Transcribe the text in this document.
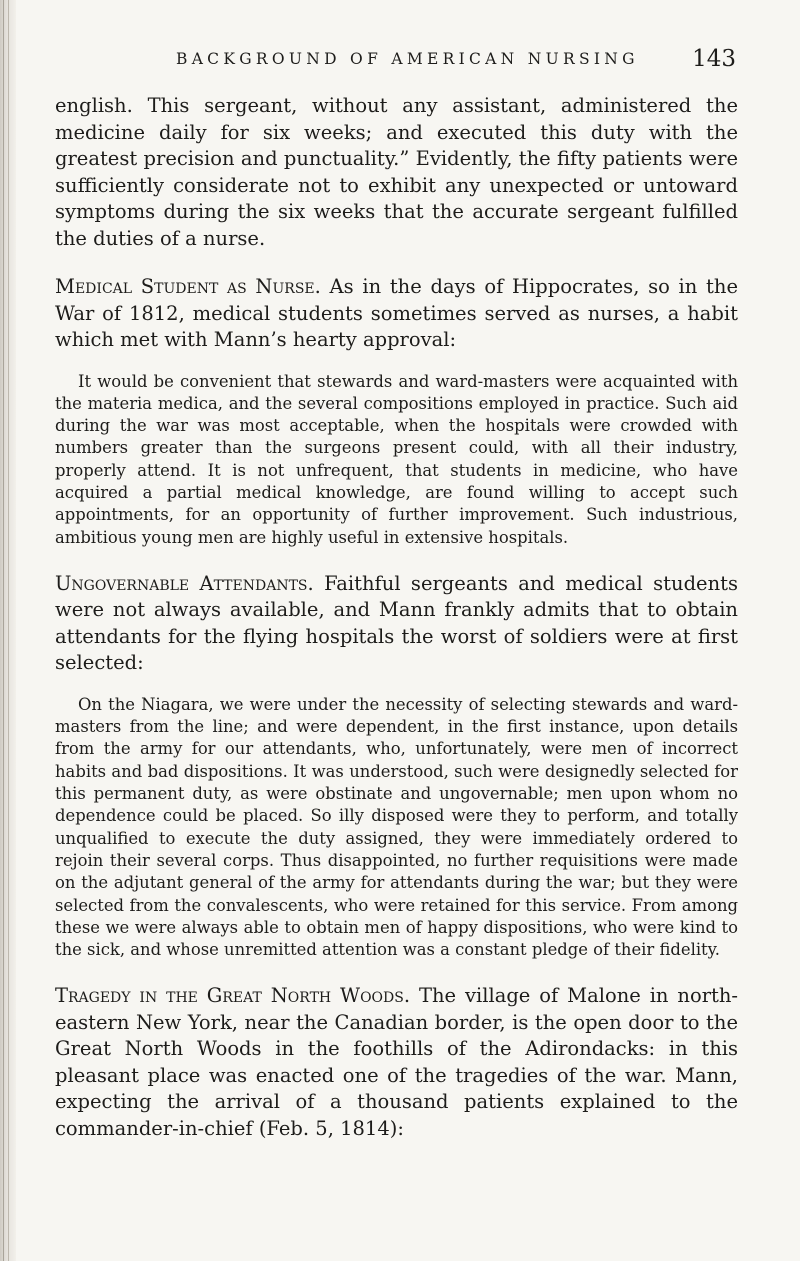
BACKGROUND OF AMERICAN NURSING 143

english. This sergeant, without any assistant, administered the medicine daily for six weeks; and executed this duty with the greatest precision and punctuality.” Evidently, the fifty patients were sufficiently considerate not to exhibit any unexpected or untoward symptoms during the six weeks that the accurate sergeant fulfilled the duties of a nurse.

Medical Student as Nurse. As in the days of Hippocrates, so in the War of 1812, medical students sometimes served as nurses, a habit which met with Mann’s hearty approval:

It would be convenient that stewards and ward-masters were acquainted with the materia medica, and the several compositions employed in practice. Such aid during the war was most acceptable, when the hospitals were crowded with numbers greater than the surgeons present could, with all their industry, properly attend. It is not unfrequent, that students in medicine, who have acquired a partial medical knowledge, are found willing to accept such appointments, for an opportunity of further improvement. Such industrious, ambitious young men are highly useful in extensive hospitals.

Ungovernable Attendants. Faithful sergeants and medical students were not always available, and Mann frankly admits that to obtain attendants for the flying hospitals the worst of soldiers were at first selected:

On the Niagara, we were under the necessity of selecting stewards and ward-masters from the line; and were dependent, in the first instance, upon details from the army for our attendants, who, unfortunately, were men of incorrect habits and bad dispositions. It was understood, such were designedly selected for this permanent duty, as were obstinate and ungovernable; men upon whom no dependence could be placed. So illy disposed were they to perform, and totally unqualified to execute the duty assigned, they were immediately ordered to rejoin their several corps. Thus disappointed, no further requisitions were made on the adjutant general of the army for attendants during the war; but they were selected from the convalescents, who were retained for this service. From among these we were always able to obtain men of happy dispositions, who were kind to the sick, and whose unremitted attention was a constant pledge of their fidelity.

Tragedy in the Great North Woods. The village of Malone in north-eastern New York, near the Canadian border, is the open door to the Great North Woods in the foothills of the Adirondacks: in this pleasant place was enacted one of the tragedies of the war. Mann, expecting the arrival of a thousand patients explained to the commander-in-chief (Feb. 5, 1814):
